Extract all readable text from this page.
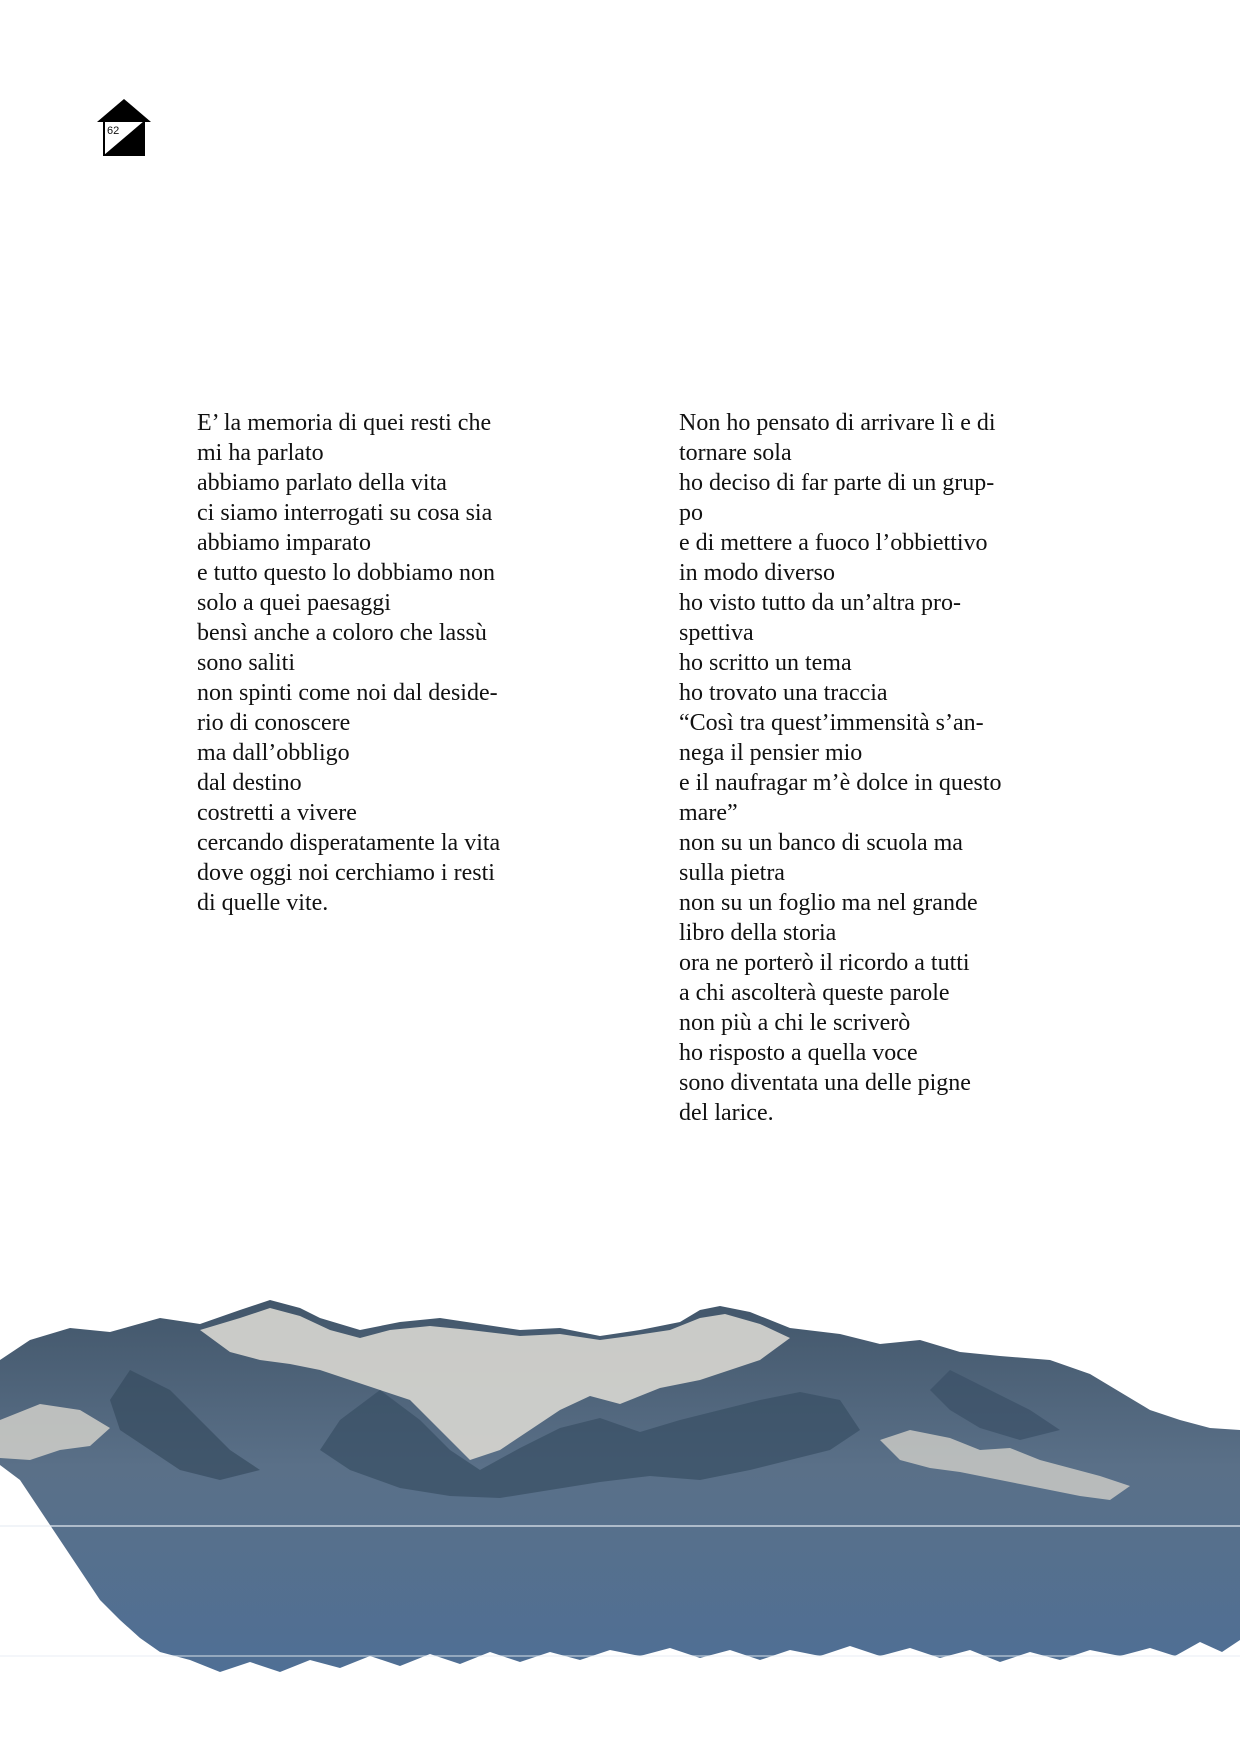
62
E’ la memoria di quei resti che
mi ha parlato
abbiamo parlato della vita
ci siamo interrogati su cosa sia
abbiamo imparato
e tutto questo lo dobbiamo non
solo a quei paesaggi
bensì anche a coloro che lassù
sono saliti
non spinti come noi dal deside-
rio di conoscere
ma dall’obbligo
dal destino
costretti a vivere
cercando disperatamente la vita
dove oggi noi cerchiamo i resti
di quelle vite.
Non ho pensato di arrivare lì e di
tornare sola
ho deciso di far parte di un grup-
po
e di mettere a fuoco l’obbiettivo
in modo diverso
ho visto tutto da un’altra pro-
spettiva
ho scritto un tema
ho trovato una traccia
“Così tra quest’immensità s’an-
nega il pensier mio
e il naufragar m’è dolce in questo
mare”
non su un banco di scuola ma
sulla pietra
non su un foglio ma nel grande
libro della storia
ora ne porterò il ricordo a tutti
a chi ascolterà queste parole
non più a chi le scriverò
ho risposto a quella voce
sono diventata una delle pigne
del larice.
